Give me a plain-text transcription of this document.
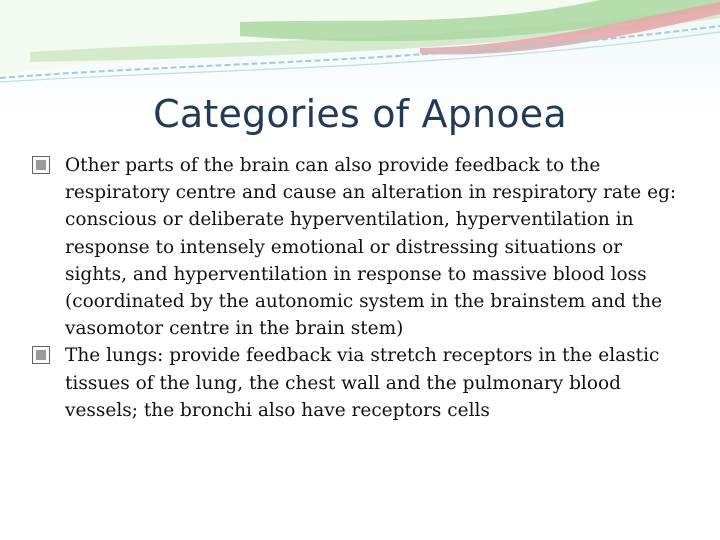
Categories of Apnoea
Other parts of the brain can also provide feedback to the respiratory centre and cause an alteration in respiratory rate eg: conscious or deliberate hyperventilation, hyperventilation in response to intensely emotional or distressing situations or sights, and hyperventilation in response to massive blood loss (coordinated by the autonomic system in the brainstem and the vasomotor centre in the brain stem)
The lungs: provide feedback via stretch receptors in the elastic tissues of the lung, the chest wall and the pulmonary blood vessels; the bronchi also have receptors cells
